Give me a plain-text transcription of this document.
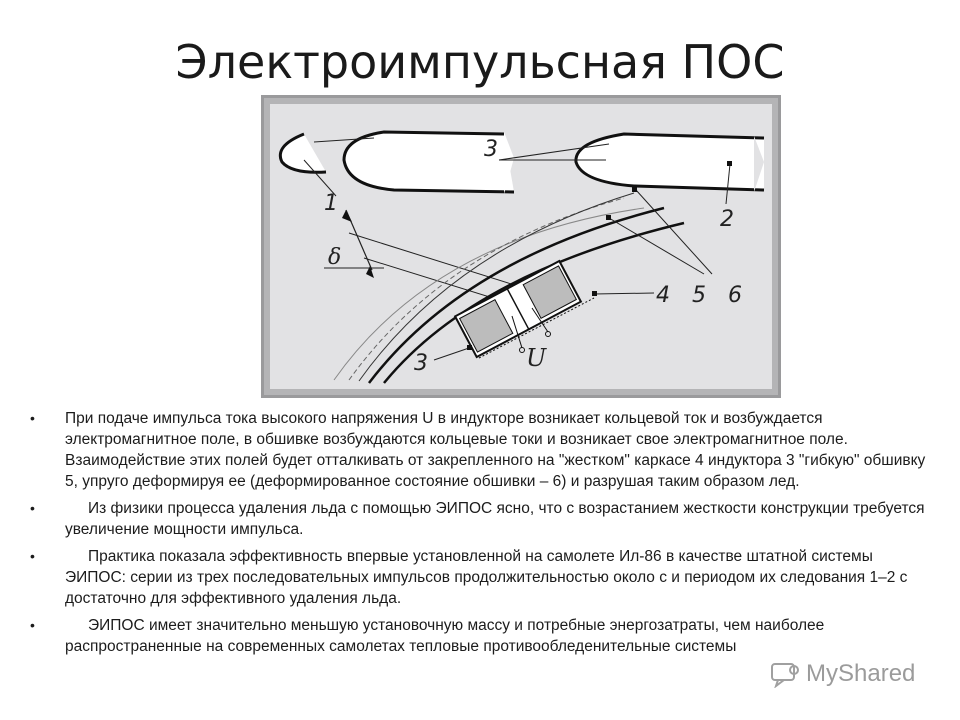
Электроимпульсная ПОС
3
2
1
δ
U
4 5 6
3
• При подаче импульса тока высокого напряжения U в индукторе возникает кольцевой ток и возбуждается электромагнитное поле, в обшивке возбуждаются кольцевые токи и возникает свое электромагнитное поле. Взаимодействие этих полей будет отталкивать от закрепленного на "жестком" каркасе 4 индуктора 3 "гибкую" обшивку 5, упруго деформируя ее (деформированное состояние обшивки – 6) и разрушая таким образом лед.
•	Из физики процесса удаления льда с помощью ЭИПОС ясно, что с возрастанием жесткости конструкции требуется увеличение мощности импульса.
•	Практика показала эффективность впервые установленной на самолете Ил-86 в качестве штатной системы ЭИПОС: серии из трех последовательных импульсов продолжительностью около с и периодом их следования 1–2 с достаточно для эффективного удаления льда.
•	ЭИПОС имеет значительно меньшую установочную массу и потребные энергозатраты, чем наиболее распространенные на современных самолетах тепловые противообледенительные системы
MyShared
